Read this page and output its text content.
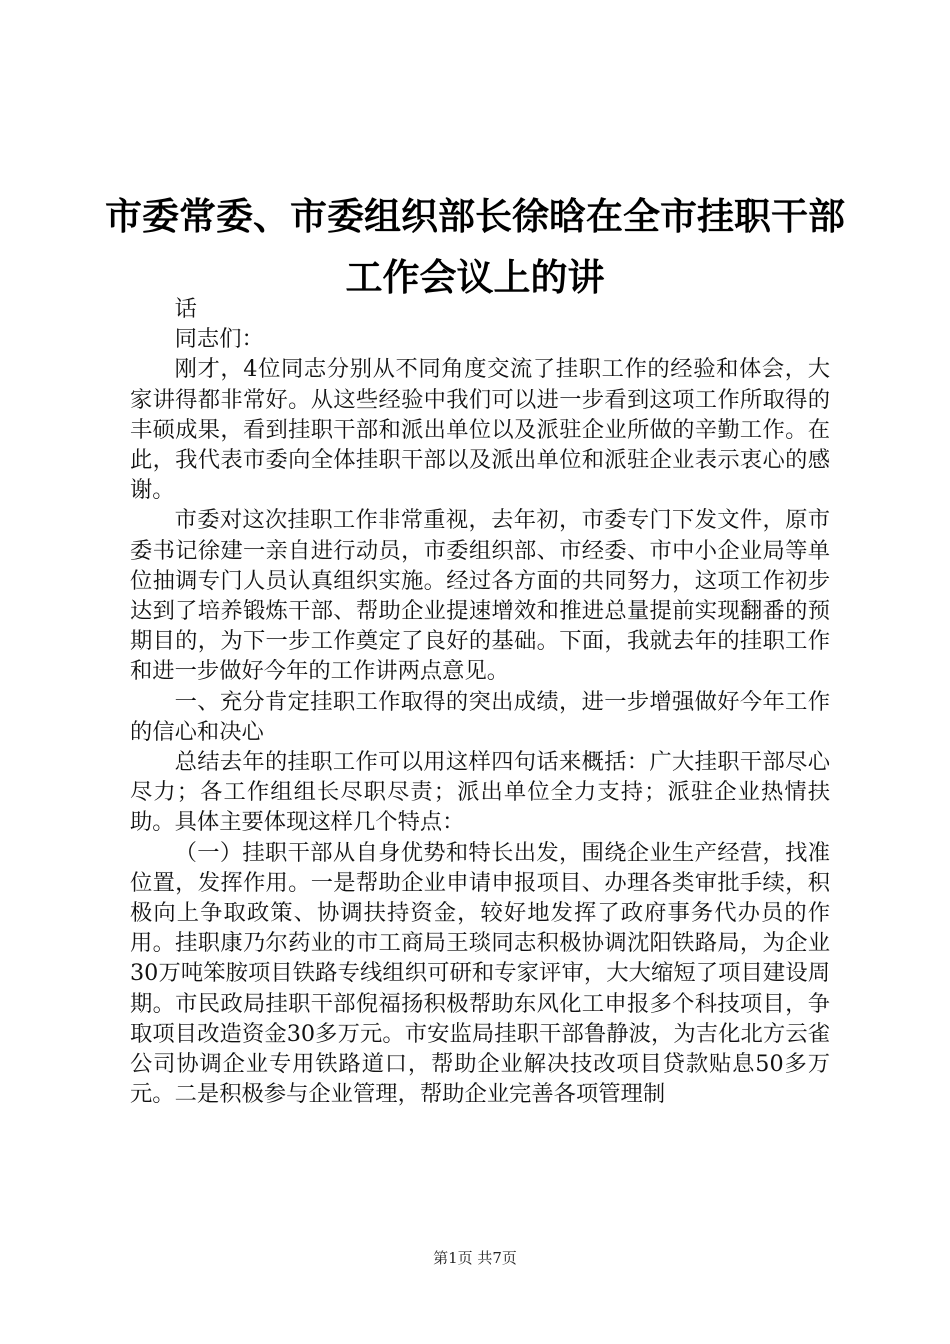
市委常委、市委组织部长徐晗在全市挂职干部
工作会议上的讲

话

同志们：

刚才，4位同志分别从不同角度交流了挂职工作的经验和体会，大家讲得都非常好。从这些经验中我们可以进一步看到这项工作所取得的丰硕成果，看到挂职干部和派出单位以及派驻企业所做的辛勤工作。在此，我代表市委向全体挂职干部以及派出单位和派驻企业表示衷心的感谢。

市委对这次挂职工作非常重视，去年初，市委专门下发文件，原市委书记徐建一亲自进行动员，市委组织部、市经委、市中小企业局等单位抽调专门人员认真组织实施。经过各方面的共同努力，这项工作初步达到了培养锻炼干部、帮助企业提速增效和推进总量提前实现翻番的预期目的，为下一步工作奠定了良好的基础。下面，我就去年的挂职工作和进一步做好今年的工作讲两点意见。

一、充分肯定挂职工作取得的突出成绩，进一步增强做好今年工作的信心和决心

总结去年的挂职工作可以用这样四句话来概括：广大挂职干部尽心尽力；各工作组组长尽职尽责；派出单位全力支持；派驻企业热情扶助。具体主要体现这样几个特点：

（一）挂职干部从自身优势和特长出发，围绕企业生产经营，找准位置，发挥作用。一是帮助企业申请申报项目、办理各类审批手续，积极向上争取政策、协调扶持资金，较好地发挥了政府事务代办员的作用。挂职康乃尔药业的市工商局王琰同志积极协调沈阳铁路局，为企业30万吨笨胺项目铁路专线组织可研和专家评审，大大缩短了项目建设周期。市民政局挂职干部倪福扬积极帮助东风化工申报多个科技项目，争取项目改造资金30多万元。市安监局挂职干部鲁静波，为吉化北方云雀公司协调企业专用铁路道口，帮助企业解决技改项目贷款贴息50多万元。二是积极参与企业管理，帮助企业完善各项管理制

第1页 共7页
